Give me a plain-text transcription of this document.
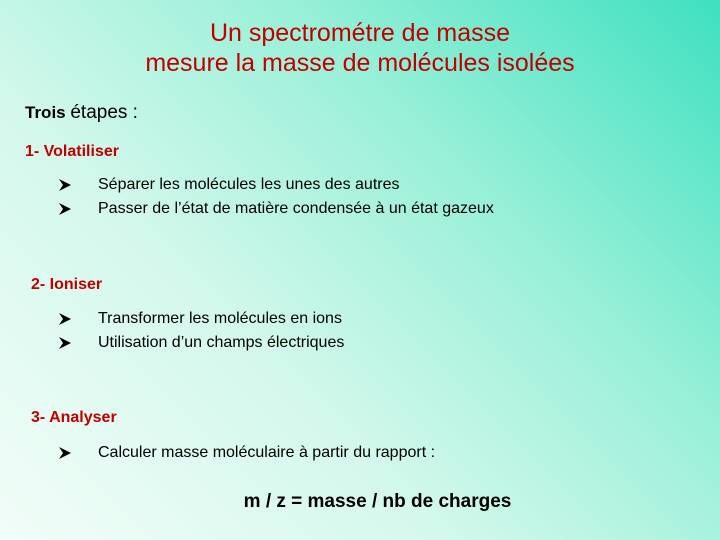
Un spectrométre de masse
mesure la masse de molécules isolées
Trois étapes :
1- Volatiliser
Séparer les molécules les unes des autres
Passer de l’état de matière condensée à un état gazeux
2- Ioniser
Transformer les molécules en ions
Utilisation d’un champs électriques
3- Analyser
Calculer masse moléculaire à partir du rapport :
m / z = masse / nb de charges
